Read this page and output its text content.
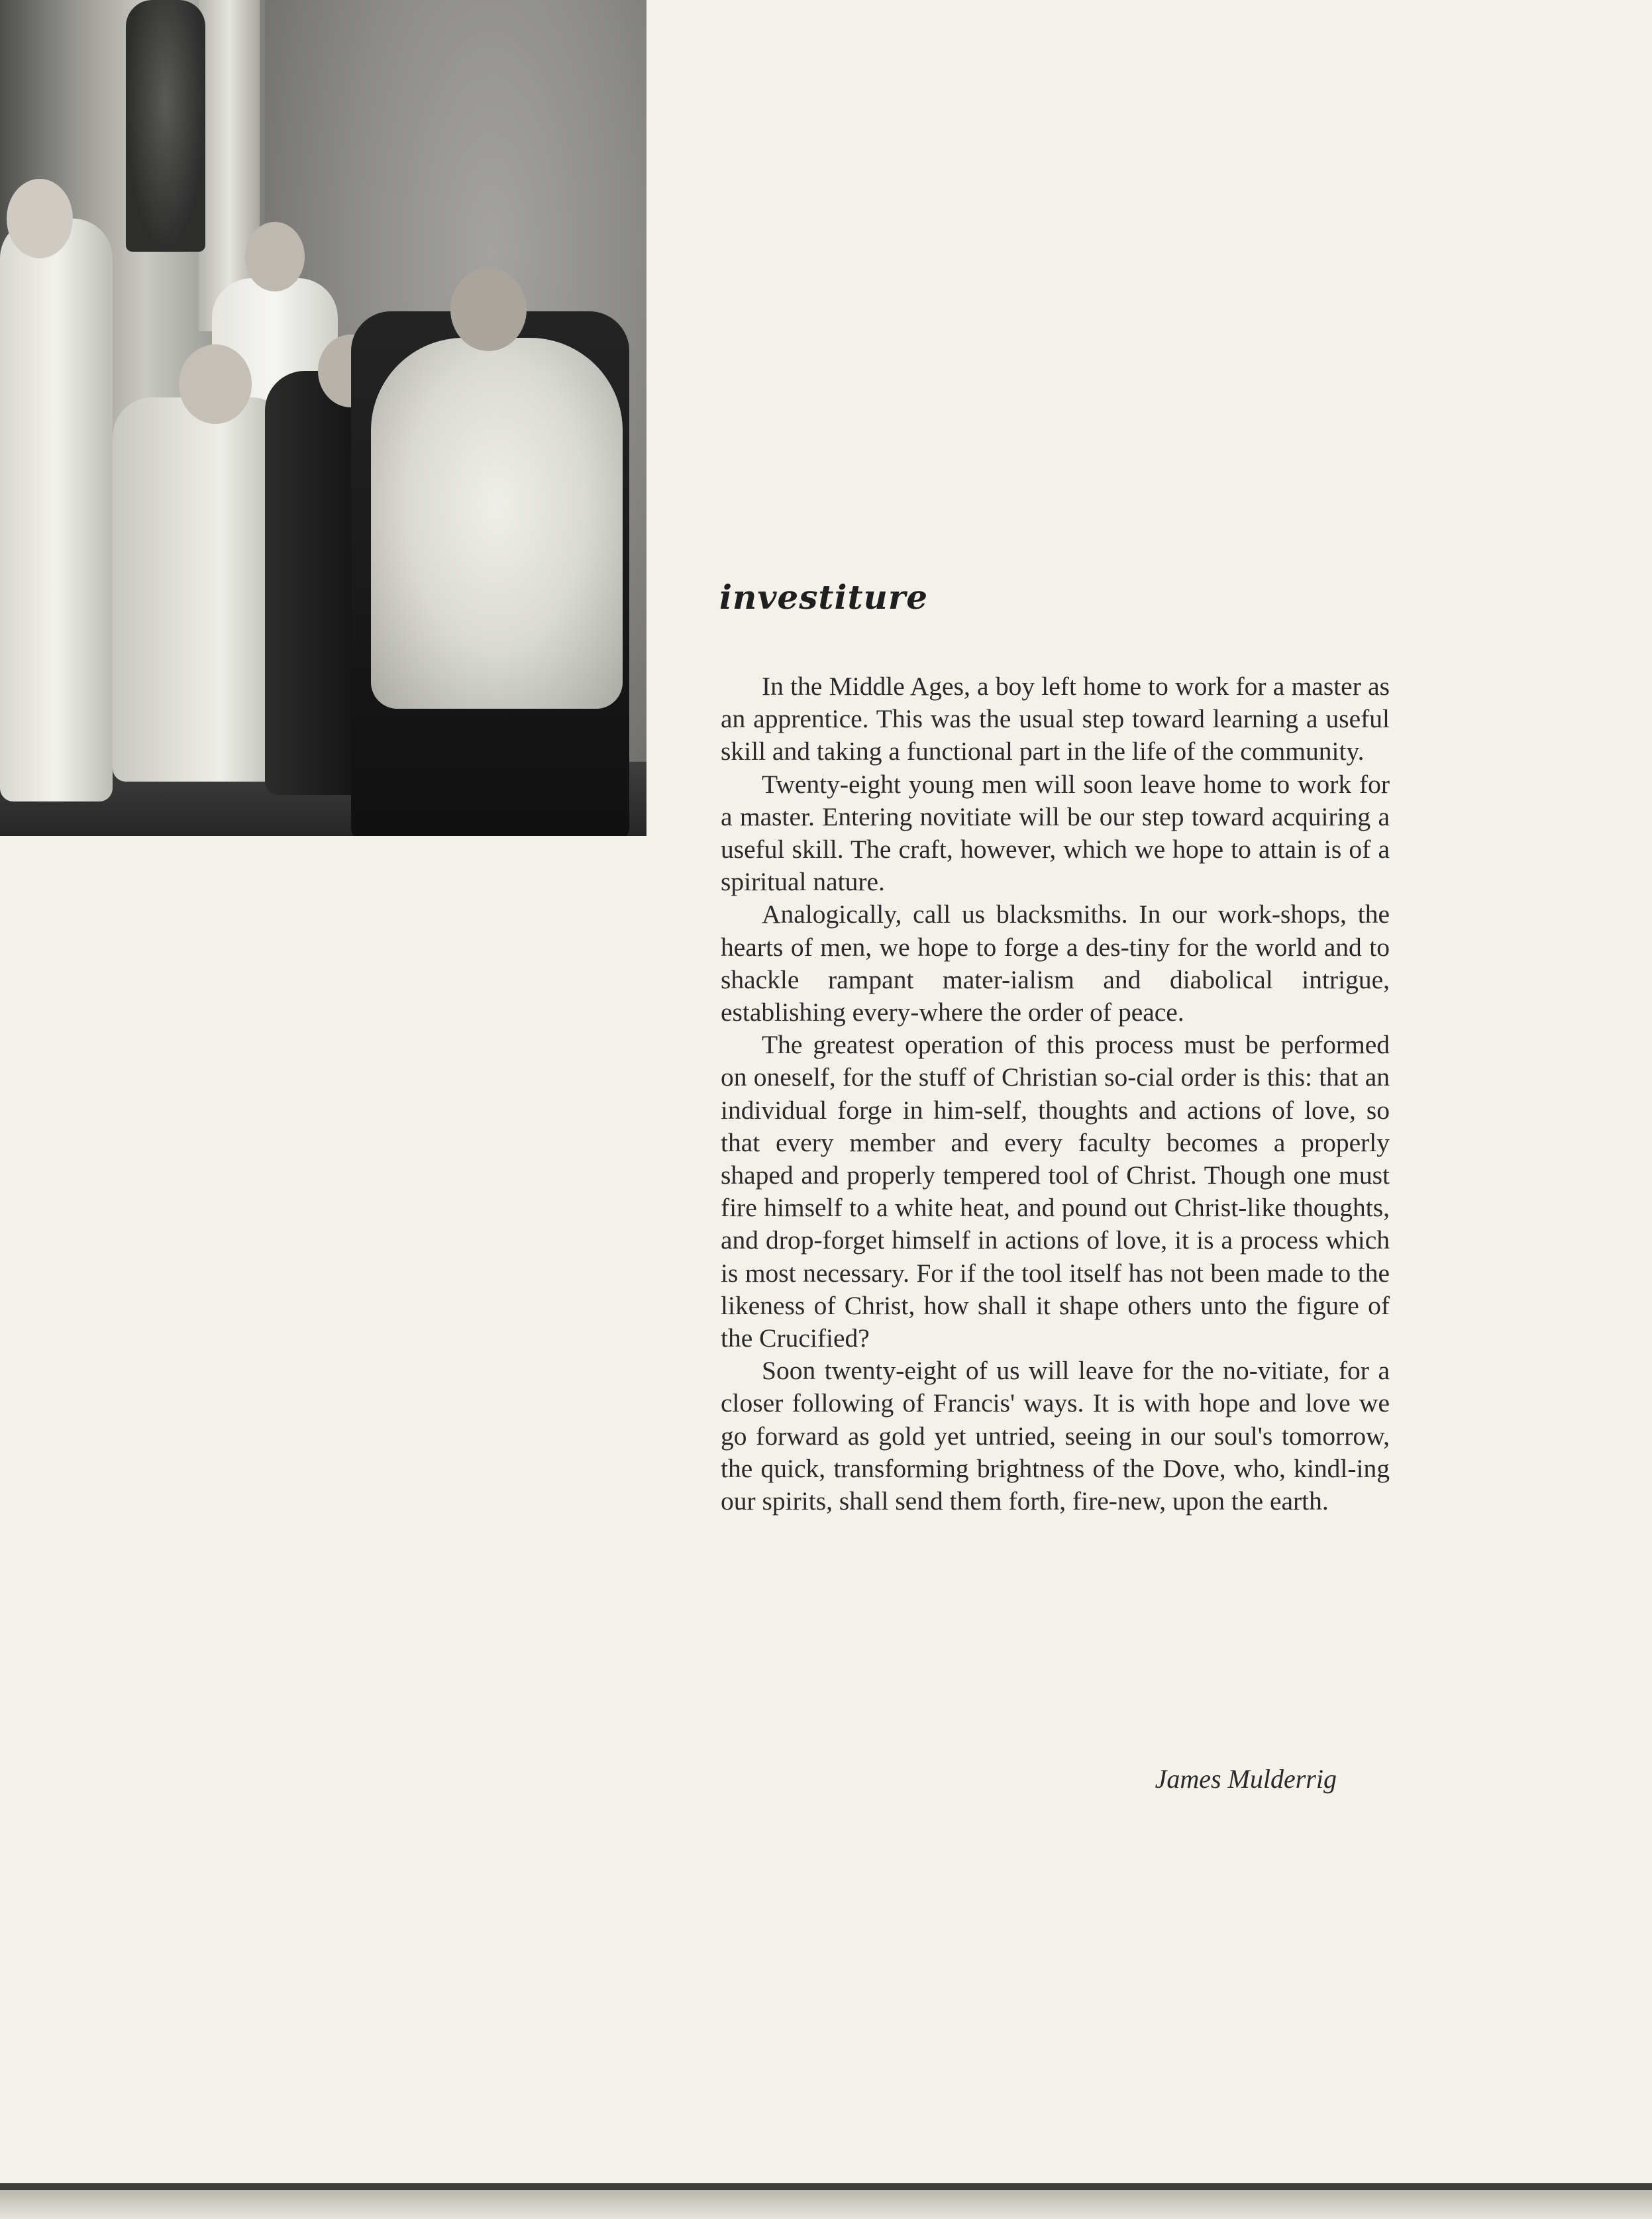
investiture

In the Middle Ages, a boy left home to work for a master as an apprentice. This was the usual step toward learning a useful skill and taking a functional part in the life of the community.

Twenty-eight young men will soon leave home to work for a master. Entering novitiate will be our step toward acquiring a useful skill. The craft, however, which we hope to attain is of a spiritual nature.

Analogically, call us blacksmiths. In our work-shops, the hearts of men, we hope to forge a des-tiny for the world and to shackle rampant mater-ialism and diabolical intrigue, establishing every-where the order of peace.

The greatest operation of this process must be performed on oneself, for the stuff of Christian so-cial order is this: that an individual forge in him-self, thoughts and actions of love, so that every member and every faculty becomes a properly shaped and properly tempered tool of Christ. Though one must fire himself to a white heat, and pound out Christ-like thoughts, and drop-forget himself in actions of love, it is a process which is most necessary. For if the tool itself has not been made to the likeness of Christ, how shall it shape others unto the figure of the Crucified?

Soon twenty-eight of us will leave for the no-vitiate, for a closer following of Francis' ways. It is with hope and love we go forward as gold yet untried, seeing in our soul's tomorrow, the quick, transforming brightness of the Dove, who, kindl-ing our spirits, shall send them forth, fire-new, upon the earth.

James Mulderrig
